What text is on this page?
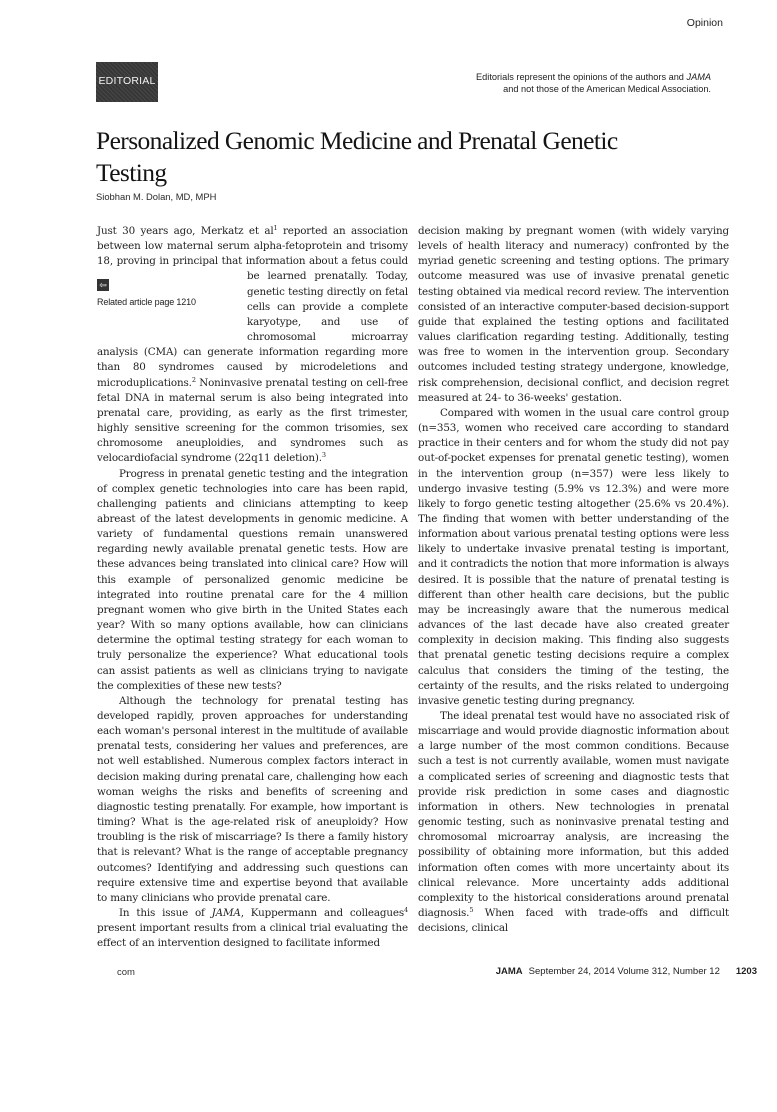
Opinion
EDITORIAL	Editorials represent the opinions of the authors and JAMA
and not those of the American Medical Association.
Personalized Genomic Medicine and Prenatal Genetic Testing
Siobhan M. Dolan, MD, MPH

Just 30 years ago, Merkatz et $al^1$ reported an association between low maternal serum alpha-fetoprotein and trisomy 18, proving in principal that information about a fetus could be
⇦
Related article page 1210
learned prenatally. Today, genetic testing directly on fetal cells can provide a complete karyotype, and use of chromosomal microarray analysis (CMA) can generate information regarding more than 80 syndromes caused by microdeletions and microduplications.$^2$ Noninvasive prenatal testing on cell-free fetal DNA in maternal serum is also being integrated into prenatal care, providing, as early as the first trimester, highly sensitive screening for the common trisomies, sex chromosome aneuploidies, and syndromes such as velocardiofacial syndrome (22q11 deletion).$^3$

Progress in prenatal genetic testing and the integration of complex genetic technologies into care has been rapid, challenging patients and clinicians attempting to keep abreast of the latest developments in genomic medicine. A variety of fundamental questions remain unanswered regarding newly available prenatal genetic tests. How are these advances being translated into clinical care? How will this example of personalized genomic medicine be integrated into routine prenatal care for the 4 million pregnant women who give birth in the United States each year? With so many options available, how can clinicians determine the optimal testing strategy for each woman to truly personalize the experience? What educational tools can assist patients as well as clinicians trying to navigate the complexities of these new tests?

Although the technology for prenatal testing has developed rapidly, proven approaches for understanding each woman's personal interest in the multitude of available prenatal tests, considering her values and preferences, are not well established. Numerous complex factors interact in decision making during prenatal care, challenging how each woman weighs the risks and benefits of screening and diagnostic testing prenatally. For example, how important is timing? What is the age-related risk of aneuploidy? How troubling is the risk of miscarriage? Is there a family history that is relevant? What is the range of acceptable pregnancy outcomes? Identifying and addressing such questions can require extensive time and expertise beyond that available to many clinicians who provide prenatal care.

In this issue of JAMA, Kuppermann and colleagues$^4$ present important results from a clinical trial evaluating the effect of an intervention designed to facilitate informed

decision making by pregnant women (with widely varying levels of health literacy and numeracy) confronted by the myriad genetic screening and testing options. The primary outcome measured was use of invasive prenatal genetic testing obtained via medical record review. The intervention consisted of an interactive computer-based decision-support guide that explained the testing options and facilitated values clarification regarding testing. Additionally, testing was free to women in the intervention group. Secondary outcomes included testing strategy undergone, knowledge, risk comprehension, decisional conflict, and decision regret measured at 24- to 36-weeks' gestation.

Compared with women in the usual care control group (n=353, women who received care according to standard practice in their centers and for whom the study did not pay out-of-pocket expenses for prenatal genetic testing), women in the intervention group (n=357) were less likely to undergo invasive testing (5.9% vs 12.3%) and were more likely to forgo genetic testing altogether (25.6% vs 20.4%). The finding that women with better understanding of the information about various prenatal testing options were less likely to undertake invasive prenatal testing is important, and it contradicts the notion that more information is always desired. It is possible that the nature of prenatal testing is different than other health care decisions, but the public may be increasingly aware that the numerous medical advances of the last decade have also created greater complexity in decision making. This finding also suggests that prenatal genetic testing decisions require a complex calculus that considers the timing of the testing, the certainty of the results, and the risks related to undergoing invasive genetic testing during pregnancy.

The ideal prenatal test would have no associated risk of miscarriage and would provide diagnostic information about a large number of the most common conditions. Because such a test is not currently available, women must navigate a complicated series of screening and diagnostic tests that provide risk prediction in some cases and diagnostic information in others. New technologies in prenatal genomic testing, such as noninvasive prenatal testing and chromosomal microarray analysis, are increasing the possibility of obtaining more information, but this added information often comes with more uncertainty about its clinical relevance. More uncertainty adds additional complexity to the historical considerations around prenatal diagnosis.$^5$ When faced with trade-offs and difficult decisions, clinical

com	JAMA September 24, 2014 Volume 312, Number 12 1203
